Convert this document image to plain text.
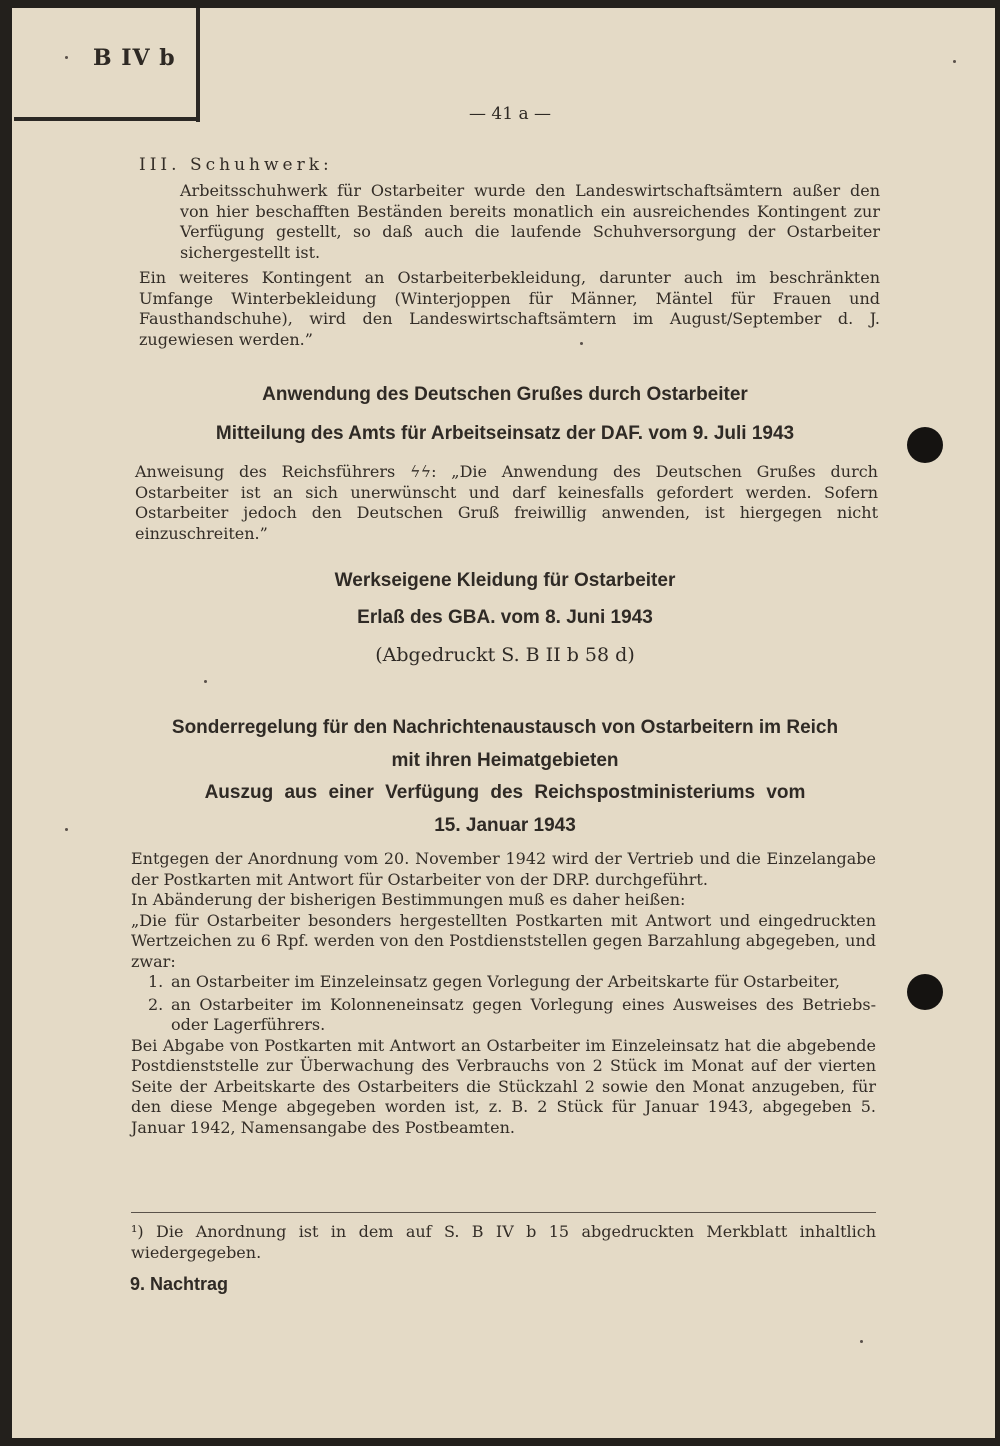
B IV b
— 41 a —
III. Schuhwerk:

Arbeitsschuhwerk für Ostarbeiter wurde den Landeswirtschaftsämtern außer den von hier beschafften Beständen bereits monatlich ein ausreichendes Kontingent zur Verfügung gestellt, so daß auch die laufende Schuhversorgung der Ostarbeiter sichergestellt ist.

Ein weiteres Kontingent an Ostarbeiterbekleidung, darunter auch im beschränkten Umfange Winterbekleidung (Winterjoppen für Männer, Mäntel für Frauen und Fausthandschuhe), wird den Landeswirtschaftsämtern im August/September d. J. zugewiesen werden.”

Anwendung des Deutschen Grußes durch Ostarbeiter
Mitteilung des Amts für Arbeitseinsatz der DAF. vom 9. Juli 1943

Anweisung des Reichsführers ϟϟ: „Die Anwendung des Deutschen Grußes durch Ostarbeiter ist an sich unerwünscht und darf keinesfalls gefordert werden. Sofern Ostarbeiter jedoch den Deutschen Gruß freiwillig anwenden, ist hiergegen nicht einzuschreiten.”

Werkseigene Kleidung für Ostarbeiter
Erlaß des GBA. vom 8. Juni 1943
(Abgedruckt S. B II b 58 d)
Sonderregelung für den Nachrichtenaustausch von Ostarbeitern im Reich
mit ihren Heimatgebieten
Auszug aus einer Verfügung des Reichspostministeriums vom
15. Januar 1943

Entgegen der Anordnung vom 20. November 1942 wird der Vertrieb und die Einzelangabe der Postkarten mit Antwort für Ostarbeiter von der DRP. durchgeführt.

In Abänderung der bisherigen Bestimmungen muß es daher heißen:

„Die für Ostarbeiter besonders hergestellten Postkarten mit Antwort und eingedruckten Wertzeichen zu 6 Rpf. werden von den Postdienststellen gegen Barzahlung abgegeben, und zwar:

1. an Ostarbeiter im Einzeleinsatz gegen Vorlegung der Arbeitskarte für Ostarbeiter,
2. an Ostarbeiter im Kolonneneinsatz gegen Vorlegung eines Ausweises des Betriebs- oder Lagerführers.

Bei Abgabe von Postkarten mit Antwort an Ostarbeiter im Einzeleinsatz hat die abgebende Postdienststelle zur Überwachung des Verbrauchs von 2 Stück im Monat auf der vierten Seite der Arbeitskarte des Ostarbeiters die Stückzahl 2 sowie den Monat anzugeben, für den diese Menge abgegeben worden ist, z. B. 2 Stück für Januar 1943, abgegeben 5. Januar 1942, Namensangabe des Postbeamten.

¹) Die Anordnung ist in dem auf S. B IV b 15 abgedruckten Merkblatt inhaltlich wiedergegeben.

9. Nachtrag
